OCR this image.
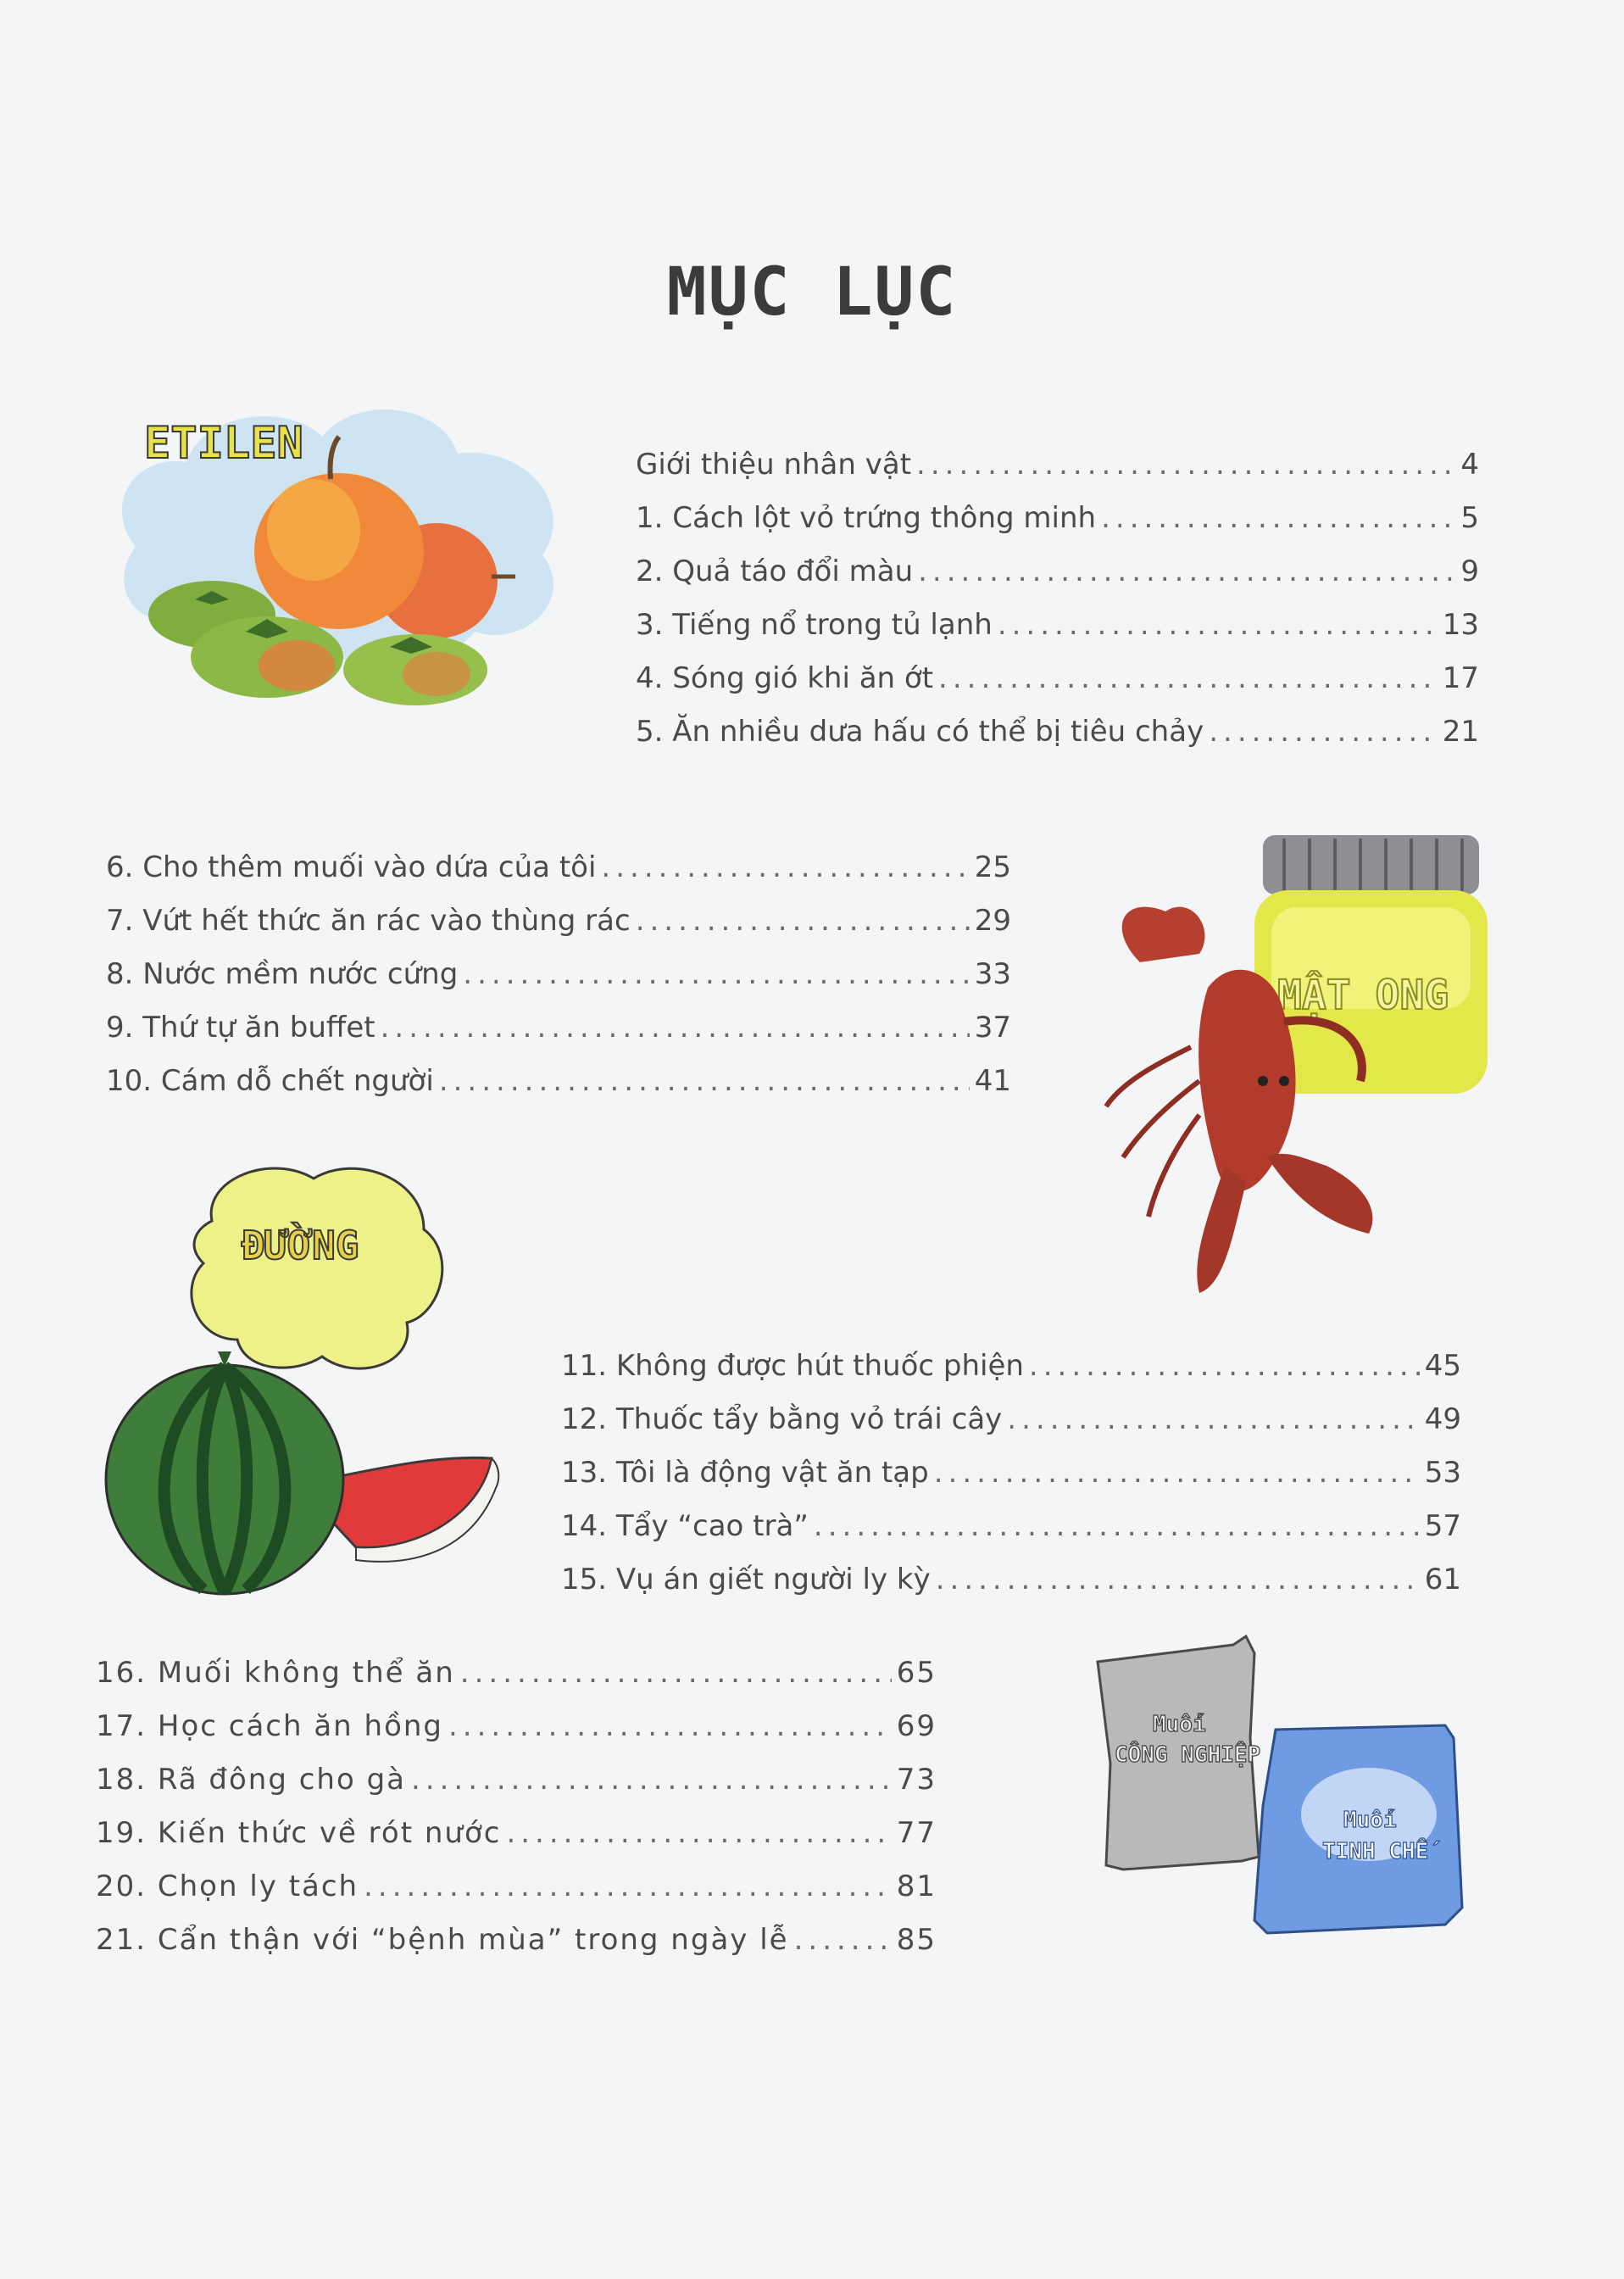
MỤC LỤC
ETILEN
MẬT ONG
ĐƯỜNG
Muối
CÔNG NGHIỆP
Muối
TINH CHẾ
Giới thiệu nhân vật .....	4
1. Cách lột vỏ trứng thông minh .....	5
2. Quả táo đổi màu .....	9
3. Tiếng nổ trong tủ lạnh .....	13
4. Sóng gió khi ăn ớt .....	17
5. Ăn nhiều dưa hấu có thể bị tiêu chảy .....	21
6. Cho thêm muối vào dứa của tôi .....	25
7. Vứt hết thức ăn rác vào thùng rác .....	29
8. Nước mềm nước cứng .....	33
9. Thứ tự ăn buffet .....	37
10. Cám dỗ chết người .....	41
11. Không được hút thuốc phiện .....	45
12. Thuốc tẩy bằng vỏ trái cây .....	49
13. Tôi là động vật ăn tạp .....	53
14. Tẩy “cao trà” .....	57
15. Vụ án giết người ly kỳ .....	61
16. Muối không thể ăn .....	65
17. Học cách ăn hồng .....	69
18. Rã đông cho gà .....	73
19. Kiến thức về rót nước .....	77
20. Chọn ly tách .....	81
21. Cẩn thận với “bệnh mùa” trong ngày lễ .....	85
